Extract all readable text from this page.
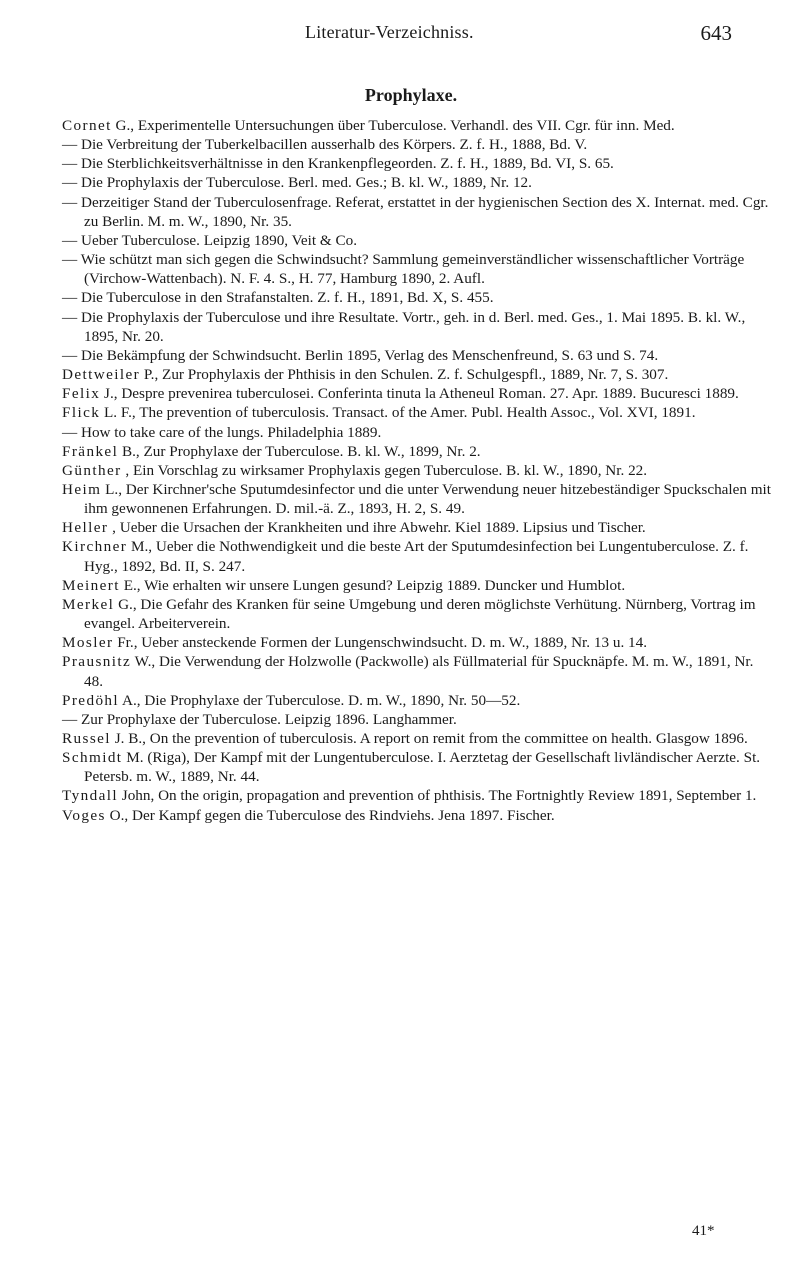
Literatur-Verzeichniss.	643
Prophylaxe.

Cornet G., Experimentelle Untersuchungen über Tuberculose. Verhandl. des VII. Cgr. für inn. Med.

— Die Verbreitung der Tuberkelbacillen ausserhalb des Körpers. Z. f. H., 1888, Bd. V.

— Die Sterblichkeitsverhältnisse in den Krankenpflegeorden. Z. f. H., 1889, Bd. VI, S. 65.

— Die Prophylaxis der Tuberculose. Berl. med. Ges.; B. kl. W., 1889, Nr. 12.

— Derzeitiger Stand der Tuberculosenfrage. Referat, erstattet in der hygienischen Section des X. Internat. med. Cgr. zu Berlin. M. m. W., 1890, Nr. 35.

— Ueber Tuberculose. Leipzig 1890, Veit & Co.

— Wie schützt man sich gegen die Schwindsucht? Sammlung gemeinverständlicher wissenschaftlicher Vorträge (Virchow-Wattenbach). N. F. 4. S., H. 77, Hamburg 1890, 2. Aufl.

— Die Tuberculose in den Strafanstalten. Z. f. H., 1891, Bd. X, S. 455.

— Die Prophylaxis der Tuberculose und ihre Resultate. Vortr., geh. in d. Berl. med. Ges., 1. Mai 1895. B. kl. W., 1895, Nr. 20.

— Die Bekämpfung der Schwindsucht. Berlin 1895, Verlag des Menschenfreund, S. 63 und S. 74.

Dettweiler P., Zur Prophylaxis der Phthisis in den Schulen. Z. f. Schulgespfl., 1889, Nr. 7, S. 307.

Felix J., Despre prevenirea tuberculosei. Conferinta tinuta la Atheneul Roman. 27. Apr. 1889. Bucuresci 1889.

Flick L. F., The prevention of tuberculosis. Transact. of the Amer. Publ. Health Assoc., Vol. XVI, 1891.

— How to take care of the lungs. Philadelphia 1889.

Fränkel B., Zur Prophylaxe der Tuberculose. B. kl. W., 1899, Nr. 2.

Günther , Ein Vorschlag zu wirksamer Prophylaxis gegen Tuberculose. B. kl. W., 1890, Nr. 22.

Heim L., Der Kirchner'sche Sputumdesinfector und die unter Verwendung neuer hitzebeständiger Spuckschalen mit ihm gewonnenen Erfahrungen. D. mil.-ä. Z., 1893, H. 2, S. 49.

Heller , Ueber die Ursachen der Krankheiten und ihre Abwehr. Kiel 1889. Lipsius und Tischer.

Kirchner M., Ueber die Nothwendigkeit und die beste Art der Sputumdesinfection bei Lungentuberculose. Z. f. Hyg., 1892, Bd. II, S. 247.

Meinert E., Wie erhalten wir unsere Lungen gesund? Leipzig 1889. Duncker und Humblot.

Merkel G., Die Gefahr des Kranken für seine Umgebung und deren möglichste Verhütung. Nürnberg, Vortrag im evangel. Arbeiterverein.

Mosler Fr., Ueber ansteckende Formen der Lungenschwindsucht. D. m. W., 1889, Nr. 13 u. 14.

Prausnitz W., Die Verwendung der Holzwolle (Packwolle) als Füllmaterial für Spucknäpfe. M. m. W., 1891, Nr. 48.

Predöhl A., Die Prophylaxe der Tuberculose. D. m. W., 1890, Nr. 50—52.

— Zur Prophylaxe der Tuberculose. Leipzig 1896. Langhammer.

Russel J. B., On the prevention of tuberculosis. A report on remit from the committee on health. Glasgow 1896.

Schmidt M. (Riga), Der Kampf mit der Lungentuberculose. I. Aerztetag der Gesellschaft livländischer Aerzte. St. Petersb. m. W., 1889, Nr. 44.

Tyndall John, On the origin, propagation and prevention of phthisis. The Fortnightly Review 1891, September 1.

Voges O., Der Kampf gegen die Tuberculose des Rindviehs. Jena 1897. Fischer.

41*
